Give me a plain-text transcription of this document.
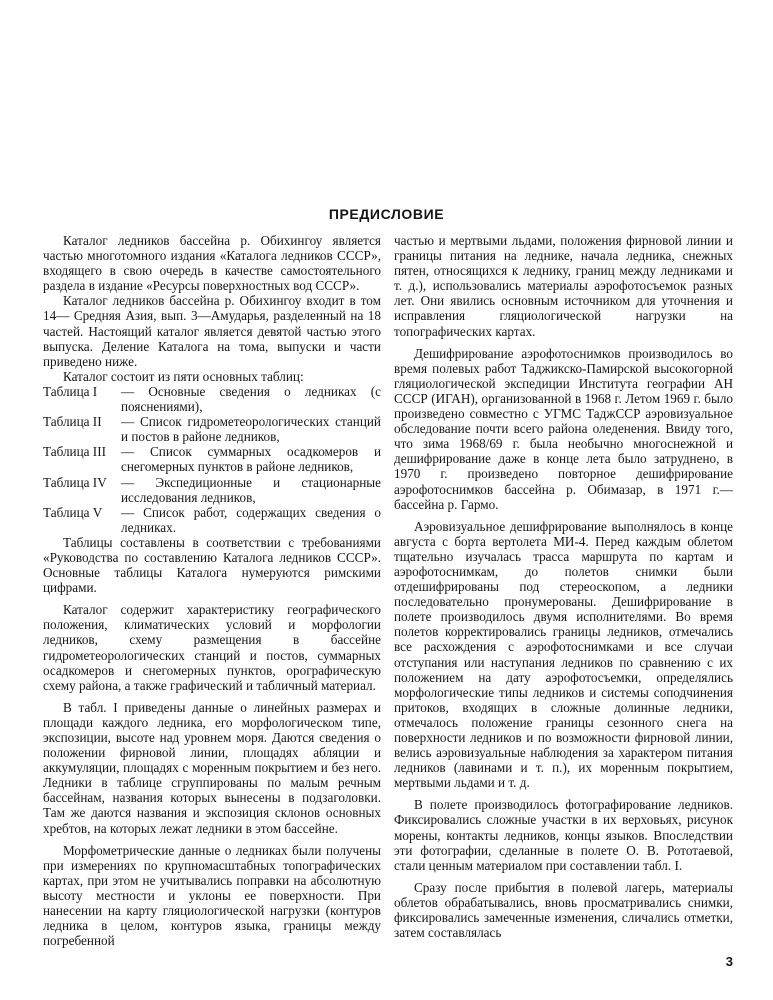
ПРЕДИСЛОВИЕ

Каталог ледников бассейна р. Обихингоу является частью многотомного издания «Каталога ледников СССР», входящего в свою очередь в качестве самостоятельного раздела в издание «Ресурсы поверхностных вод СССР».

Каталог ледников бассейна р. Обихингоу входит в том 14— Средняя Азия, вып. 3—Амударья, разделенный на 18 частей. Настоящий каталог является девятой частью этого выпуска. Деление Каталога на тома, выпуски и части приведено ниже.

Каталог состоит из пяти основных таблиц:

Таблица I	— Основные сведения о ледниках (с пояснениями),
Таблица II	— Список гидрометеорологических станций и постов в районе ледников,
Таблица III	— Список суммарных осадкомеров и снегомерных пунктов в районе ледников,
Таблица IV	— Экспедиционные и стационарные исследования ледников,
Таблица V	— Список работ, содержащих сведения о ледниках.

Таблицы составлены в соответствии с требованиями «Руководства по составлению Каталога ледников СССР». Основные таблицы Каталога нумеруются римскими цифрами.

Каталог содержит характеристику географического положения, климатических условий и морфологии ледников, схему размещения в бассейне гидрометеорологических станций и постов, суммарных осадкомеров и снегомерных пунктов, орографическую схему района, а также графический и табличный материал.

В табл. I приведены данные о линейных размерах и площади каждого ледника, его морфологическом типе, экспозиции, высоте над уровнем моря. Даются сведения о положении фирновой линии, площадях абляции и аккумуляции, площадях с моренным покрытием и без него. Ледники в таблице сгруппированы по малым речным бассейнам, названия которых вынесены в подзаголовки. Там же даются названия и экспозиция склонов основных хребтов, на которых лежат ледники в этом бассейне.

Морфометрические данные о ледниках были получены при измерениях по крупномасштабных топографических картах, при этом не учитывались поправки на абсолютную высоту местности и уклоны ее поверхности. При нанесении на карту гляциологической нагрузки (контуров ледника в целом, контуров языка, границы между погребенной

частью и мертвыми льдами, положения фирновой линии и границы питания на леднике, начала ледника, снежных пятен, относящихся к леднику, границ между ледниками и т. д.), использовались материалы аэрофотосъемок разных лет. Они явились основным источником для уточнения и исправления гляциологической нагрузки на топографических картах.

Дешифрирование аэрофотоснимков производилось во время полевых работ Таджикско-Памирской высокогорной гляциологической экспедиции Института географии АН СССР (ИГАН), организованной в 1968 г. Летом 1969 г. было произведено совместно с УГМС ТаджССР аэровизуальное обследование почти всего района оледенения. Ввиду того, что зима 1968/69 г. была необычно многоснежной и дешифрирование даже в конце лета было затруднено, в 1970 г. произведено повторное дешифрирование аэрофотоснимков бассейна р. Обимазар, в 1971 г.— бассейна р. Гармо.

Аэровизуальное дешифрирование выполнялось в конце августа с борта вертолета МИ-4. Перед каждым облетом тщательно изучалась трасса маршрута по картам и аэрофотоснимкам, до полетов снимки были отдешифрированы под стереоскопом, а ледники последовательно пронумерованы. Дешифрирование в полете производилось двумя исполнителями. Во время полетов корректировались границы ледников, отмечались все расхождения с аэрофотоснимками и все случаи отступания или наступания ледников по сравнению с их положением на дату аэрофотосъемки, определялись морфологические типы ледников и системы соподчинения притоков, входящих в сложные долинные ледники, отмечалось положение границы сезонного снега на поверхности ледников и по возможности фирновой линии, велись аэровизуальные наблюдения за характером питания ледников (лавинами и т. п.), их моренным покрытием, мертвыми льдами и т. д.

В полете производилось фотографирование ледников. Фиксировались сложные участки в их верховьях, рисунок морены, контакты ледников, концы языков. Впоследствии эти фотографии, сделанные в полете О. В. Рототаевой, стали ценным материалом при составлении табл. I.

Сразу после прибытия в полевой лагерь, материалы облетов обрабатывались, вновь просматривались снимки, фиксировались замеченные изменения, сличались отметки, затем составлялась

3
